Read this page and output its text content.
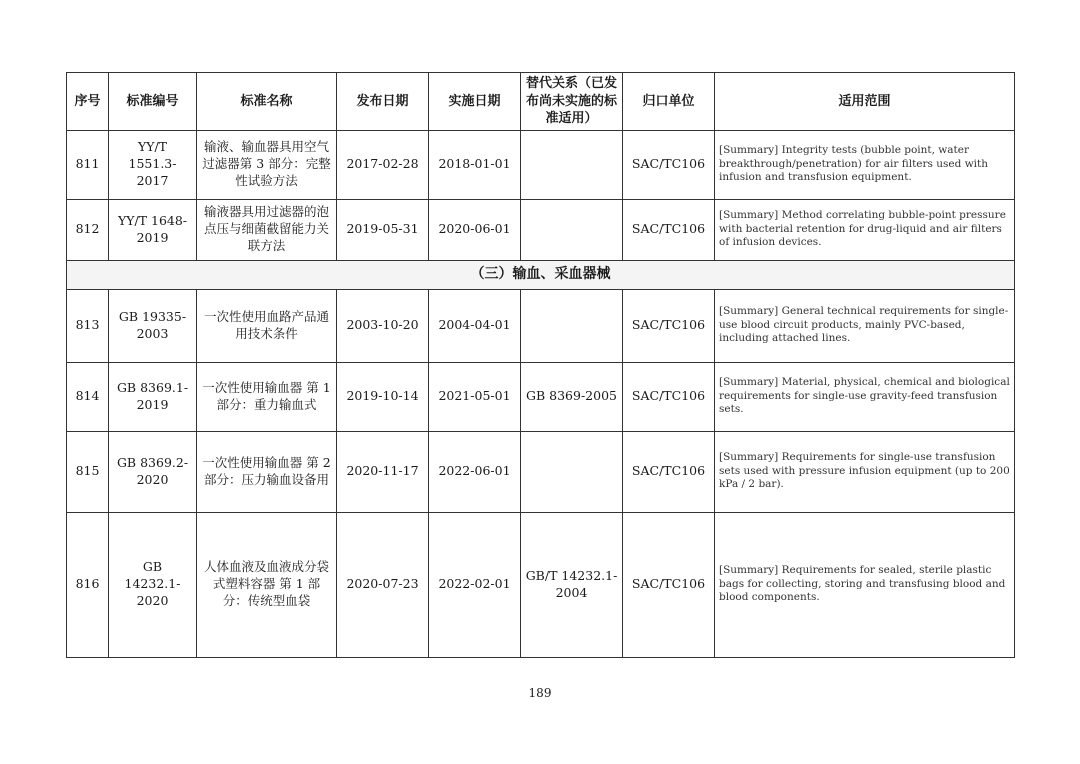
序号	标准编号	标准名称	发布日期	实施日期	替代关系（已发布尚未实施的标准适用）	归口单位	适用范围
811	YY/T 1551.3-2017	输液、输血器具用空气过滤器第 3 部分：完整性试验方法	2017-02-28	2018-01-01		SAC/TC106	[Summary] Integrity tests (bubble point, water breakthrough/penetration) for air filters used with infusion and transfusion equipment.
812	YY/T 1648-2019	输液器具用过滤器的泡点压与细菌截留能力关联方法	2019-05-31	2020-06-01		SAC/TC106	[Summary] Method correlating bubble-point pressure with bacterial retention for drug-liquid and air filters of infusion devices.
（三）输血、采血器械							
813	GB 19335-2003	一次性使用血路产品通用技术条件	2003-10-20	2004-04-01		SAC/TC106	[Summary] General technical requirements for single-use blood circuit products, mainly PVC-based, including attached lines.
814	GB 8369.1-2019	一次性使用输血器 第 1 部分：重力输血式	2019-10-14	2021-05-01	GB 8369-2005	SAC/TC106	[Summary] Material, physical, chemical and biological requirements for single-use gravity-feed transfusion sets.
815	GB 8369.2-2020	一次性使用输血器 第 2 部分：压力输血设备用	2020-11-17	2022-06-01		SAC/TC106	[Summary] Requirements for single-use transfusion sets used with pressure infusion equipment (up to 200 kPa / 2 bar).
816	GB 14232.1-2020	人体血液及血液成分袋式塑料容器 第 1 部分：传统型血袋	2020-07-23	2022-02-01	GB/T 14232.1-2004	SAC/TC106	[Summary] Requirements for sealed, sterile plastic bags for collecting, storing and transfusing blood and blood components.
189
